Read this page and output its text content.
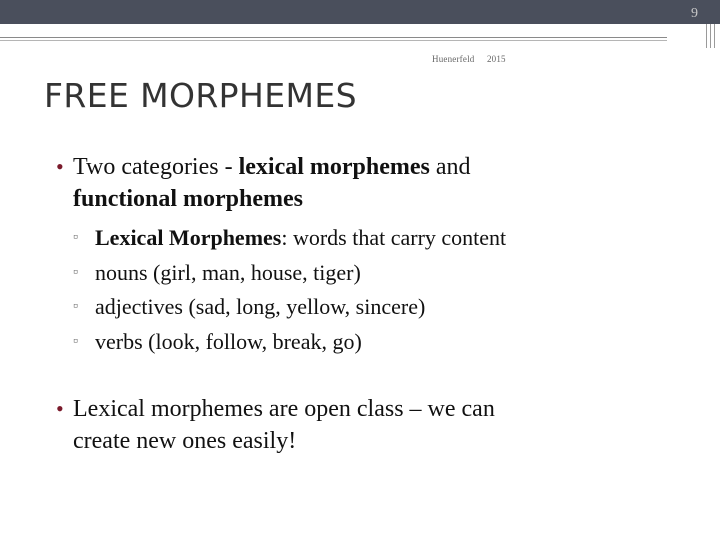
9
Huenerfeld 2015
FREE MORPHEMES
• Two categories - lexical morphemes and
functional morphemes
▫ Lexical Morphemes: words that carry content
▫ nouns (girl, man, house, tiger)
▫ adjectives (sad, long, yellow, sincere)
▫ verbs (look, follow, break, go)
• Lexical morphemes are open class – we can
create new ones easily!
